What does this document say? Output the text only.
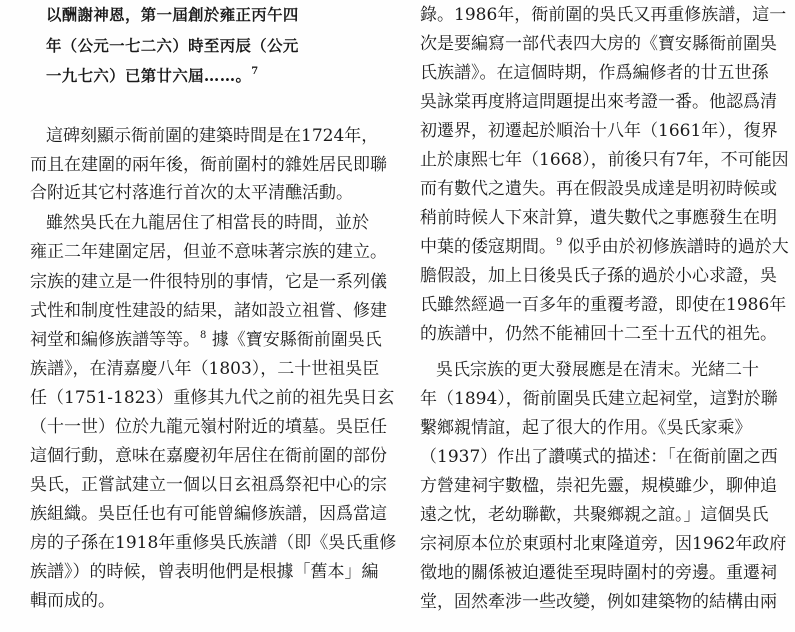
以酬謝神恩，第一屆創於雍正丙午四
年（公元一七二六）時至丙辰（公元
一九七六）已第廿六屆……。$^7$
這碑刻顯示衙前圍的建築時間是在1724年，
而且在建圍的兩年後，衙前圍村的雜姓居民即聯
合附近其它村落進行首次的太平清醮活動。
雖然吳氏在九龍居住了相當長的時間，並於
雍正二年建圍定居，但並不意味著宗族的建立。
宗族的建立是一件很特別的事情，它是一系列儀
式性和制度性建設的結果，諸如設立祖嘗、修建
祠堂和編修族譜等等。$^8$ 據《寶安縣衙前圍吳氏
族譜》，在清嘉慶八年（1803），二十世祖吳臣
任（1751-1823）重修其九代之前的祖先吳日玄
（十一世）位於九龍元嶺村附近的墳墓。吳臣任
這個行動，意味在嘉慶初年居住在衙前圍的部份
吳氏，正嘗試建立一個以日玄祖爲祭祀中心的宗
族組織。吳臣任也有可能曾編修族譜，因爲當這
房的子孫在1918年重修吳氏族譜（即《吳氏重修
族譜》）的時候，曾表明他們是根據「舊本」編
輯而成的。
錄。1986年，衙前圍的吳氏又再重修族譜，這一
次是要編寫一部代表四大房的《寶安縣衙前圍吳
氏族譜》。在這個時期，作爲編修者的廿五世孫
吳詠棠再度將這問題提出來考證一番。他認爲清
初遷界，初遷起於順治十八年（1661年），復界
止於康熙七年（1668），前後只有7年，不可能因
而有數代之遺失。再在假設吳成達是明初時候或
稍前時候人下來計算，遺失數代之事應發生在明
中葉的倭寇期間。$^9$ 似乎由於初修族譜時的過於大
膽假設，加上日後吳氏子孫的過於小心求證，吳
氏雖然經過一百多年的重覆考證，即使在1986年
的族譜中，仍然不能補回十二至十五代的祖先。
吳氏宗族的更大發展應是在清末。光緒二十
年（1894），衙前圍吳氏建立起祠堂，這對於聯
繫鄉親情誼，起了很大的作用。《吳氏家乘》
（1937）作出了讚嘆式的描述：「在衙前圍之西
方營建祠宇數楹，崇祀先靈，規模雖少，聊伸追
遠之忱，老幼聯歡，共聚鄉親之誼。」這個吳氏
宗祠原本位於東頭村北東隆道旁，因1962年政府
徵地的關係被迫遷徙至現時圍村的旁邊。重遷祠
堂，固然牽涉一些改變，例如建築物的結構由兩
